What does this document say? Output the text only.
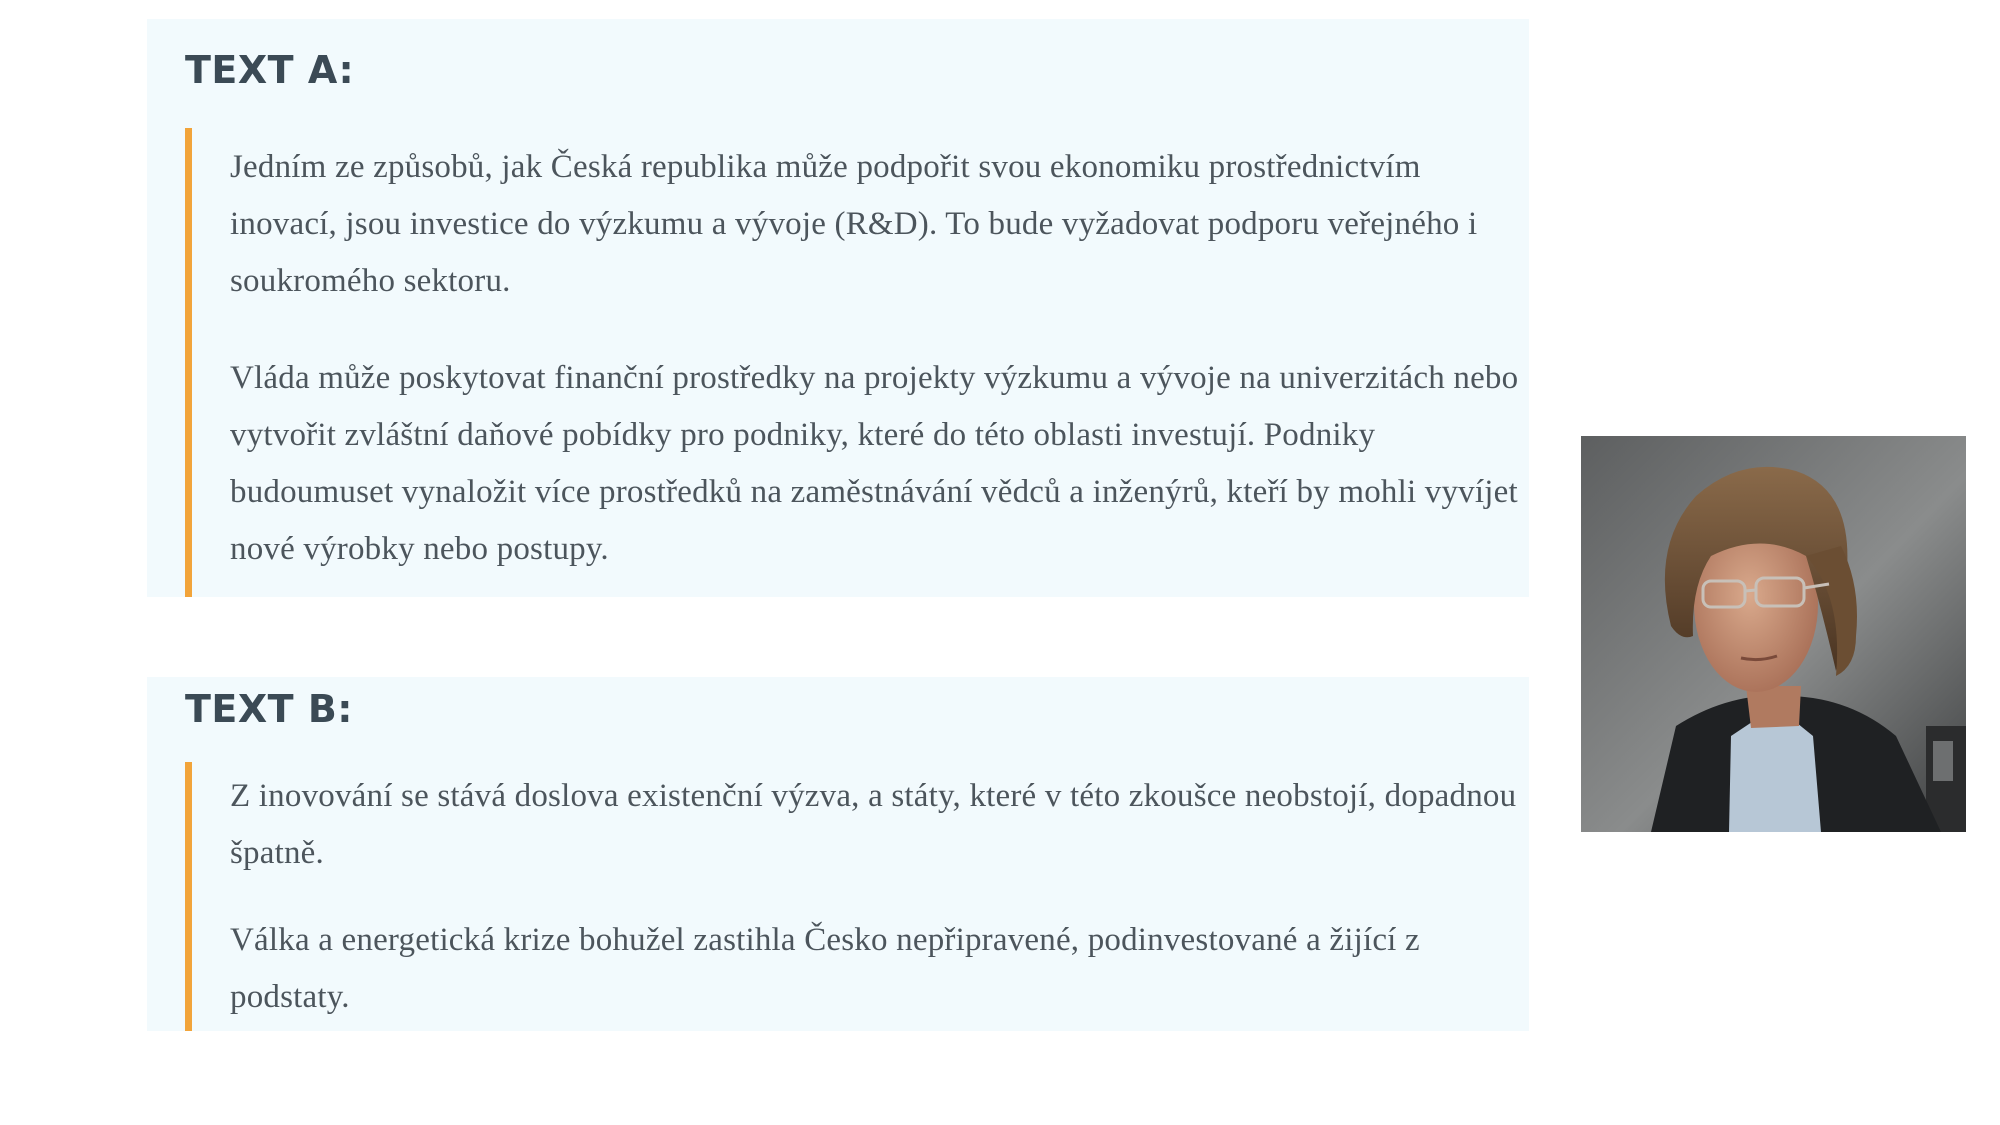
TEXT A:

Jedním ze způsobů, jak Česká republika může podpořit svou ekonomiku prostřednictvím inovací, jsou investice do výzkumu a vývoje (R&D). To bude vyžadovat podporu veřejného i soukromého sektoru.

Vláda může poskytovat finanční prostředky na projekty výzkumu a vývoje na univerzitách nebo vytvořit zvláštní daňové pobídky pro podniky, které do této oblasti investují. Podniky budoumuset vynaložit více prostředků na zaměstnávání vědců a inženýrů, kteří by mohli vyvíjet nové výrobky nebo postupy.

TEXT B:

Z inovování se stává doslova existenční výzva, a státy, které v této zkoušce neobstojí, dopadnou špatně.

Válka a energetická krize bohužel zastihla Česko nepřipravené, podinvestované a žijící z podstaty.
